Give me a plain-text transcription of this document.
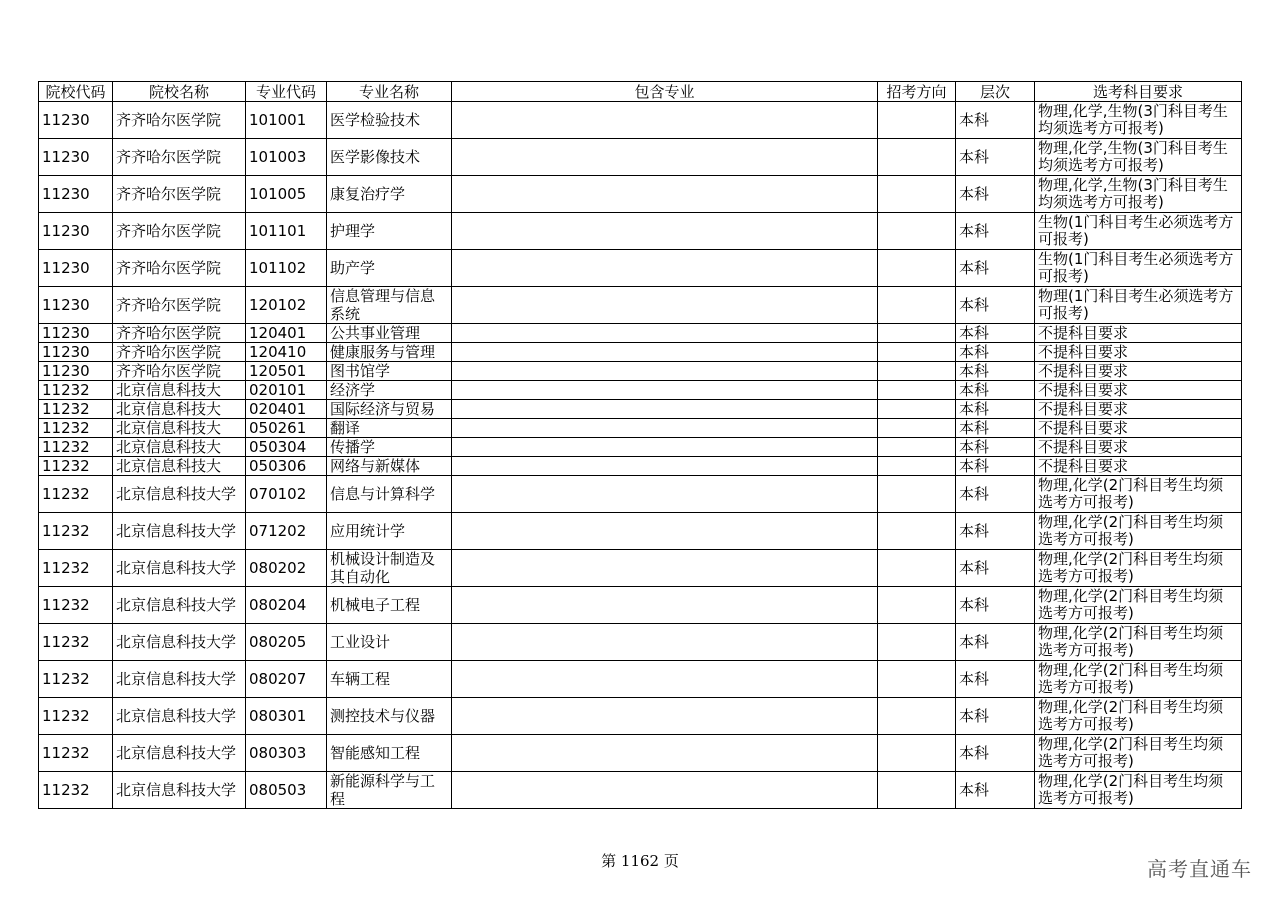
院校代码	院校名称	专业代码	专业名称	包含专业	招考方向	层次	选考科目要求
11230	齐齐哈尔医学院	101001	医学检验技术			本科	物理,化学,生物(3门科目考生均须选考方可报考)
11230	齐齐哈尔医学院	101003	医学影像技术			本科	物理,化学,生物(3门科目考生均须选考方可报考)
11230	齐齐哈尔医学院	101005	康复治疗学			本科	物理,化学,生物(3门科目考生均须选考方可报考)
11230	齐齐哈尔医学院	101101	护理学			本科	生物(1门科目考生必须选考方可报考)
11230	齐齐哈尔医学院	101102	助产学			本科	生物(1门科目考生必须选考方可报考)
11230	齐齐哈尔医学院	120102	信息管理与信息系统			本科	物理(1门科目考生必须选考方可报考)
11230	齐齐哈尔医学院	120401	公共事业管理			本科	不提科目要求
11230	齐齐哈尔医学院	120410	健康服务与管理			本科	不提科目要求
11230	齐齐哈尔医学院	120501	图书馆学			本科	不提科目要求
11232	北京信息科技大	020101	经济学			本科	不提科目要求
11232	北京信息科技大	020401	国际经济与贸易			本科	不提科目要求
11232	北京信息科技大	050261	翻译			本科	不提科目要求
11232	北京信息科技大	050304	传播学			本科	不提科目要求
11232	北京信息科技大	050306	网络与新媒体			本科	不提科目要求
11232	北京信息科技大学	070102	信息与计算科学			本科	物理,化学(2门科目考生均须选考方可报考)
11232	北京信息科技大学	071202	应用统计学			本科	物理,化学(2门科目考生均须选考方可报考)
11232	北京信息科技大学	080202	机械设计制造及其自动化			本科	物理,化学(2门科目考生均须选考方可报考)
11232	北京信息科技大学	080204	机械电子工程			本科	物理,化学(2门科目考生均须选考方可报考)
11232	北京信息科技大学	080205	工业设计			本科	物理,化学(2门科目考生均须选考方可报考)
11232	北京信息科技大学	080207	车辆工程			本科	物理,化学(2门科目考生均须选考方可报考)
11232	北京信息科技大学	080301	测控技术与仪器			本科	物理,化学(2门科目考生均须选考方可报考)
11232	北京信息科技大学	080303	智能感知工程			本科	物理,化学(2门科目考生均须选考方可报考)
11232	北京信息科技大学	080503	新能源科学与工程			本科	物理,化学(2门科目考生均须选考方可报考)
第 1162 页	高考直通车
